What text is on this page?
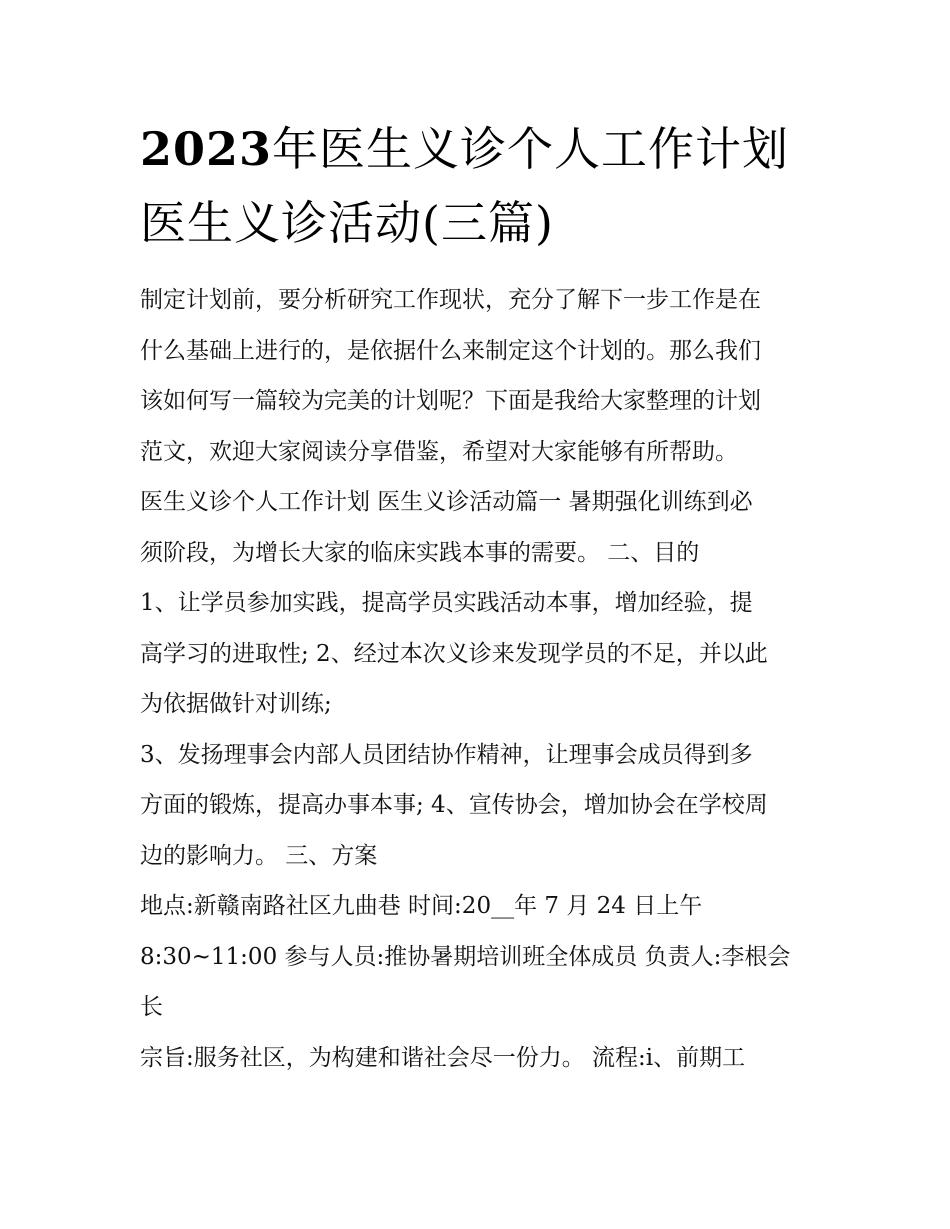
2023年医生义诊个人工作计划
医生义诊活动(三篇)
制定计划前，要分析研究工作现状，充分了解下一步工作是在
什么基础上进行的，是依据什么来制定这个计划的。那么我们
该如何写一篇较为完美的计划呢？下面是我给大家整理的计划
范文，欢迎大家阅读分享借鉴，希望对大家能够有所帮助。
医生义诊个人工作计划 医生义诊活动篇一 暑期强化训练到必
须阶段，为增长大家的临床实践本事的需要。 二、目的
1、让学员参加实践，提高学员实践活动本事，增加经验，提
高学习的进取性; 2、经过本次义诊来发现学员的不足，并以此
为依据做针对训练;
3、发扬理事会内部人员团结协作精神，让理事会成员得到多
方面的锻炼，提高办事本事; 4、宣传协会，增加协会在学校周
边的影响力。 三、方案
地点:新赣南路社区九曲巷 时间:20__年 7 月 24 日上午
8:30~11:00 参与人员:推协暑期培训班全体成员 负责人:李根会
长
宗旨:服务社区，为构建和谐社会尽一份力。 流程:i、前期工
